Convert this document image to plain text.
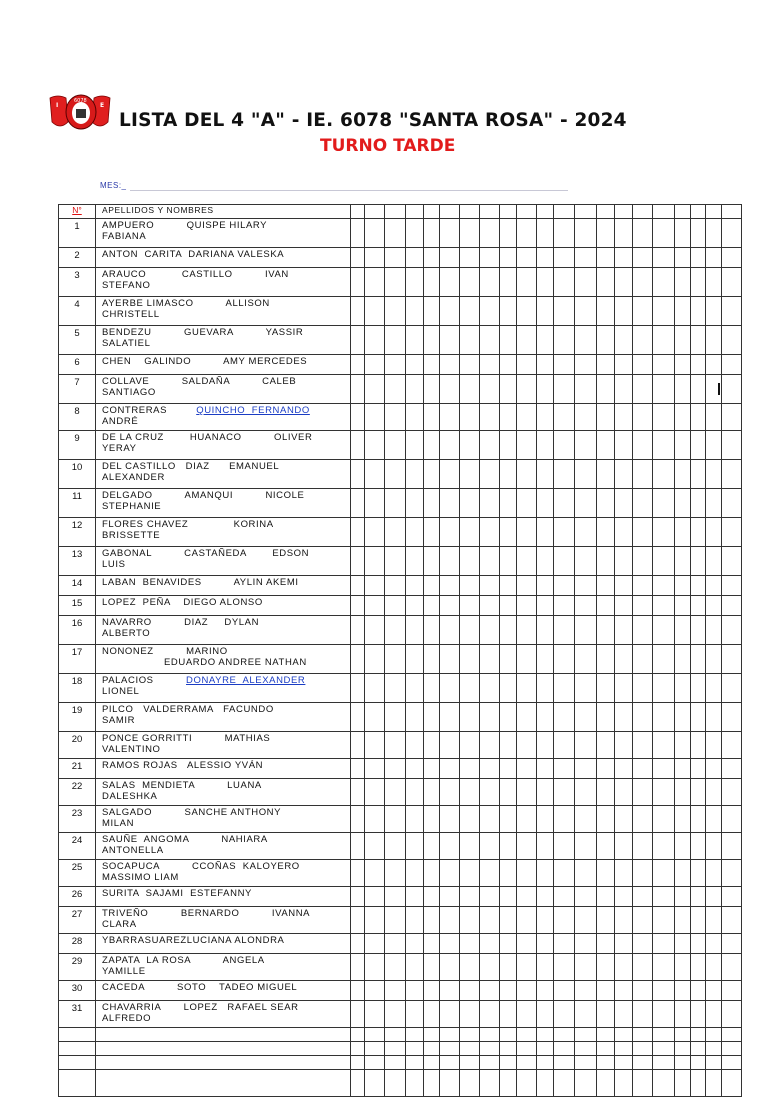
I	E
6078
LISTA DEL 4 "A" - IE. 6078 "SANTA ROSA" - 2024
TURNO TARDE
MES:_
N°	APELLIDOS Y NOMBRES																					
1	AMPUERO          QUISPE HILARY
FABIANA																					

2	ANTON  CARITA  DARIANA VALESKA																					

3	ARAUCO           CASTILLO          IVAN
STEFANO																					

4	AYERBE LIMASCO          ALLISON
CHRISTELL																					

5	BENDEZU          GUEVARA          YASSIR
SALATIEL																					

6	CHEN    GALINDO          AMY MERCEDES																					

7	COLLAVE          SALDAÑA          CALEB
SANTIAGO																					

8	CONTRERAS         QUINCHO  FERNANDO
ANDRÉ																					

9	DE LA CRUZ        HUANACO          OLIVER
YERAY																					

10	DEL CASTILLO   DIAZ      EMANUEL
ALEXANDER																					

11	DELGADO          AMANQUI          NICOLE
STEPHANIE																					

12	FLORES CHAVEZ              KORINA
BRISSETTE																					

13	GABONAL          CASTAÑEDA        EDSON
LUIS																					

14	LABAN  BENAVIDES          AYLIN AKEMI																					

15	LOPEZ  PEÑA    DIEGO ALONSO																					

16	NAVARRO          DIAZ     DYLAN
ALBERTO																					

17	NONONEZ          MARINO
EDUARDO ANDREE NATHAN																					

18	PALACIOS          DONAYRE  ALEXANDER
LIONEL																					

19	PILCO   VALDERRAMA   FACUNDO
SAMIR																					

20	PONCE GORRITTI          MATHIAS
VALENTINO																					

21	RAMOS ROJAS   ALESSIO YVÁN																					

22	SALAS  MENDIETA          LUANA
DALESHKA																					

23	SALGADO          SANCHE ANTHONY
MILAN																					

24	SAUÑE  ANGOMA          NAHIARA
ANTONELLA																					

25	SOCAPUCA          CCOÑAS  KALOYERO
MASSIMO LIAM																					

26	SURITA  SAJAMI  ESTEFANNY																					

27	TRIVEÑO          BERNARDO          IVANNA
CLARA																					

28	YBARRASUAREZLUCIANA ALONDRA																					

29	ZAPATA  LA ROSA          ANGELA
YAMILLE																					

30	CACEDA          SOTO    TADEO MIGUEL																					

31	CHAVARRIA       LOPEZ   RAFAEL SEAR
ALFREDO																					
